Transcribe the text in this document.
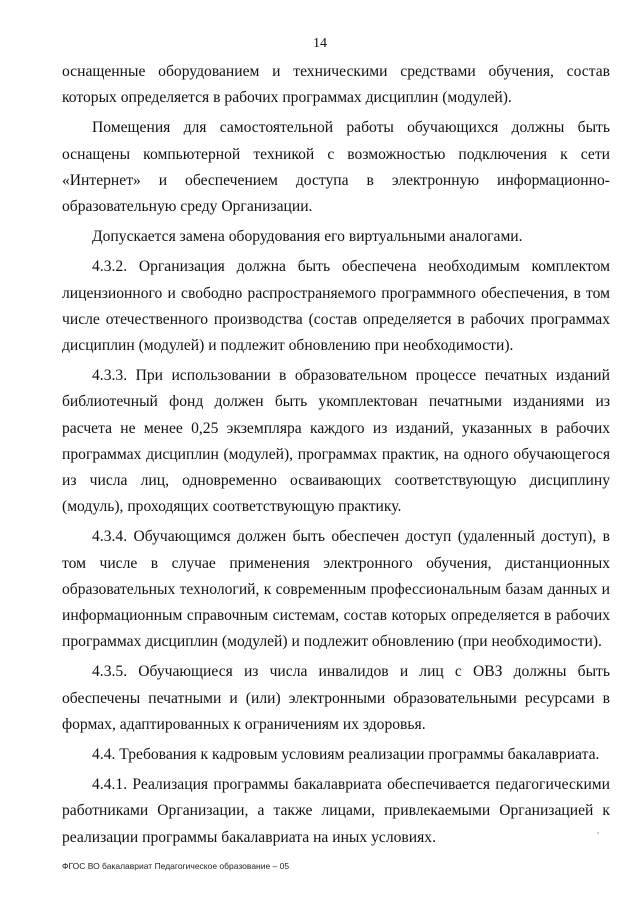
14

оснащенные оборудованием и техническими средствами обучения, состав которых определяется в рабочих программах дисциплин (модулей).

Помещения для самостоятельной работы обучающихся должны быть оснащены компьютерной техникой с возможностью подключения к сети «Интернет» и обеспечением доступа в электронную информационно-образовательную среду Организации.

Допускается замена оборудования его виртуальными аналогами.

4.3.2. Организация должна быть обеспечена необходимым комплектом лицензионного и свободно распространяемого программного обеспечения, в том числе отечественного производства (состав определяется в рабочих программах дисциплин (модулей) и подлежит обновлению при необходимости).

4.3.3. При использовании в образовательном процессе печатных изданий библиотечный фонд должен быть укомплектован печатными изданиями из расчета не менее 0,25 экземпляра каждого из изданий, указанных в рабочих программах дисциплин (модулей), программах практик, на одного обучающегося из числа лиц, одновременно осваивающих соответствующую дисциплину (модуль), проходящих соответствующую практику.

4.3.4. Обучающимся должен быть обеспечен доступ (удаленный доступ), в том числе в случае применения электронного обучения, дистанционных образовательных технологий, к современным профессиональным базам данных и информационным справочным системам, состав которых определяется в рабочих программах дисциплин (модулей) и подлежит обновлению (при необходимости).

4.3.5. Обучающиеся из числа инвалидов и лиц с ОВЗ должны быть обеспечены печатными и (или) электронными образовательными ресурсами в формах, адаптированных к ограничениям их здоровья.

4.4. Требования к кадровым условиям реализации программы бакалавриата.

4.4.1. Реализация программы бакалавриата обеспечивается педагогическими работниками Организации, а также лицами, привлекаемыми Организацией к реализации программы бакалавриата на иных условиях.

ФГОС ВО бакалавриат Педагогическое образование – 05
